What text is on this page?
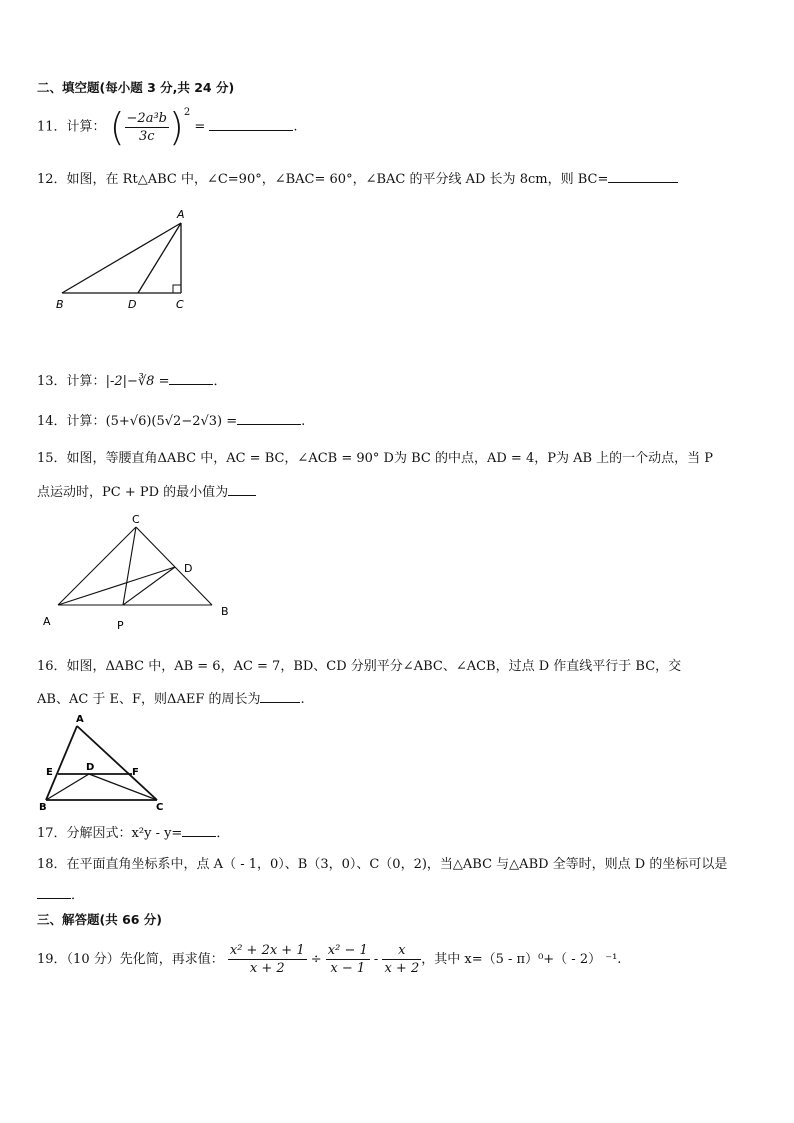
二、填空题(每小题 3 分,共 24 分)
11．计算： ( $\frac{\text{−2a³b}}{3c} )^2$ =	.
12．如图，在 Rt△ABC 中，∠C=90°，∠BAC= 60°，∠BAC 的平分线 AD 长为 8cm，则 BC=
A
B	D	C
13．计算：|-2|−∛8 =	．
14．计算：(5+√6)(5√2−2√3) =	.
15．如图，等腰直角ΔABC 中，AC = BC，∠ACB = 90° D为 BC 的中点，AD = 4，P为 AB 上的一个动点，当 P
点运动时，PC + PD 的最小值为
C
D
A
B
P
16．如图，ΔABC 中，AB = 6，AC = 7，BD、CD 分别平分∠ABC、∠ACB，过点 D 作直线平行于 BC，交
AB、AC 于 E、F，则ΔAEF 的周长为	.
A
E	D	F
B	C
17．分解因式：x²y - y=	．
18．在平面直角坐标系中，点 A（ - 1，0）、B（3，0）、C（0，2)，当△ABC 与△ABD 全等时，则点 D 的坐标可以是
．
三、解答题(共 66 分)
19．（10 分）先化简，再求值： $\frac{\text{x² + 2x + 1}}{x + 2} \div \frac{\text{x² − 1}}{x - 1} - \frac{x}{x + 2}$ ，其中 x=（5 - π）⁰+（ - 2） ⁻¹.
